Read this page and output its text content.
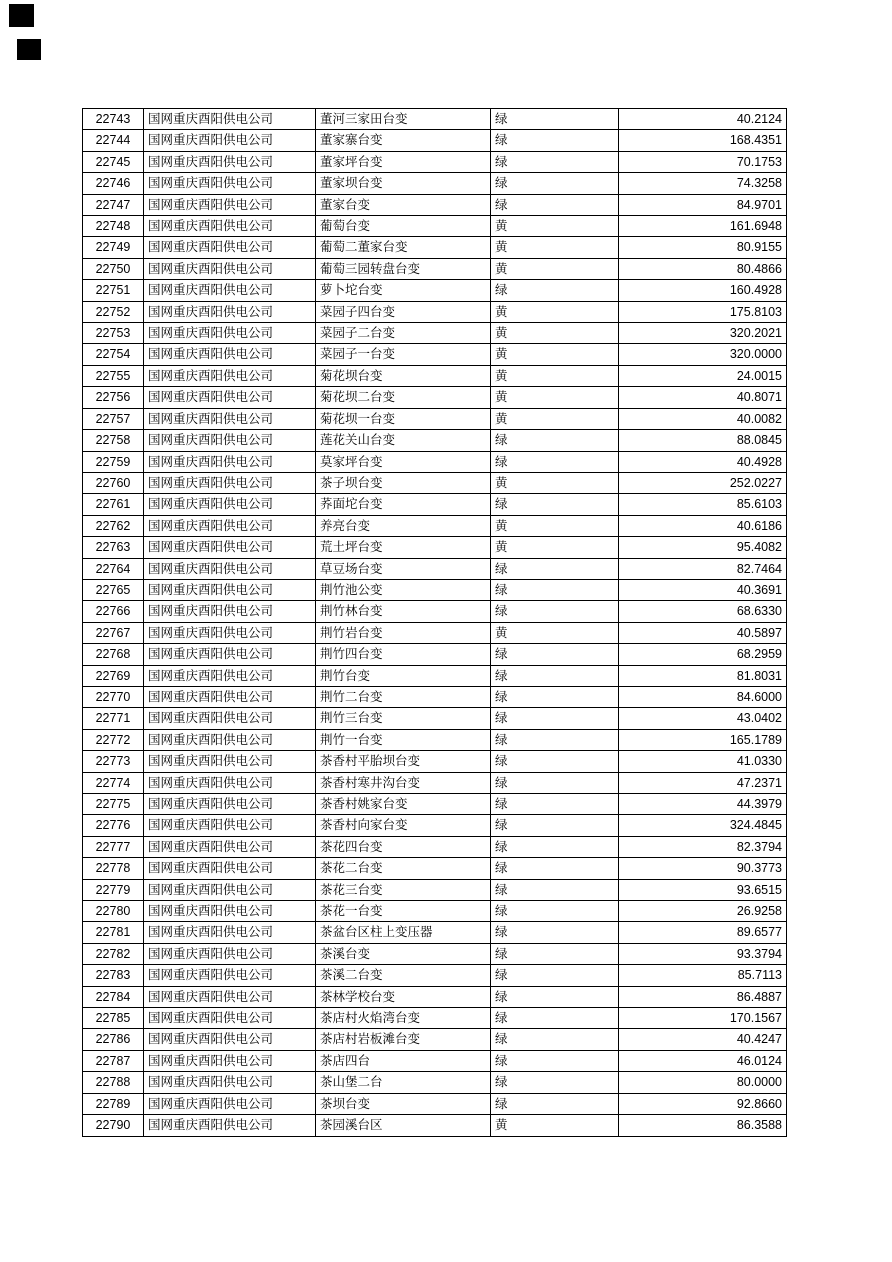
22743	国网重庆酉阳供电公司	董河三家田台变	绿	40.2124
22744	国网重庆酉阳供电公司	董家寨台变	绿	168.4351
22745	国网重庆酉阳供电公司	董家坪台变	绿	70.1753
22746	国网重庆酉阳供电公司	董家坝台变	绿	74.3258
22747	国网重庆酉阳供电公司	董家台变	绿	84.9701
22748	国网重庆酉阳供电公司	葡萄台变	黄	161.6948
22749	国网重庆酉阳供电公司	葡萄二董家台变	黄	80.9155
22750	国网重庆酉阳供电公司	葡萄三园转盘台变	黄	80.4866
22751	国网重庆酉阳供电公司	萝卜坨台变	绿	160.4928
22752	国网重庆酉阳供电公司	菜园子四台变	黄	175.8103
22753	国网重庆酉阳供电公司	菜园子二台变	黄	320.2021
22754	国网重庆酉阳供电公司	菜园子一台变	黄	320.0000
22755	国网重庆酉阳供电公司	菊花坝台变	黄	24.0015
22756	国网重庆酉阳供电公司	菊花坝二台变	黄	40.8071
22757	国网重庆酉阳供电公司	菊花坝一台变	黄	40.0082
22758	国网重庆酉阳供电公司	莲花关山台变	绿	88.0845
22759	国网重庆酉阳供电公司	莫家坪台变	绿	40.4928
22760	国网重庆酉阳供电公司	茶子坝台变	黄	252.0227
22761	国网重庆酉阳供电公司	荞面坨台变	绿	85.6103
22762	国网重庆酉阳供电公司	养亮台变	黄	40.6186
22763	国网重庆酉阳供电公司	荒土坪台变	黄	95.4082
22764	国网重庆酉阳供电公司	草豆场台变	绿	82.7464
22765	国网重庆酉阳供电公司	荆竹池公变	绿	40.3691
22766	国网重庆酉阳供电公司	荆竹林台变	绿	68.6330
22767	国网重庆酉阳供电公司	荆竹岩台变	黄	40.5897
22768	国网重庆酉阳供电公司	荆竹四台变	绿	68.2959
22769	国网重庆酉阳供电公司	荆竹台变	绿	81.8031
22770	国网重庆酉阳供电公司	荆竹二台变	绿	84.6000
22771	国网重庆酉阳供电公司	荆竹三台变	绿	43.0402
22772	国网重庆酉阳供电公司	荆竹一台变	绿	165.1789
22773	国网重庆酉阳供电公司	茶香村平胎坝台变	绿	41.0330
22774	国网重庆酉阳供电公司	茶香村寒井沟台变	绿	47.2371
22775	国网重庆酉阳供电公司	茶香村姚家台变	绿	44.3979
22776	国网重庆酉阳供电公司	茶香村向家台变	绿	324.4845
22777	国网重庆酉阳供电公司	茶花四台变	绿	82.3794
22778	国网重庆酉阳供电公司	茶花二台变	绿	90.3773
22779	国网重庆酉阳供电公司	茶花三台变	绿	93.6515
22780	国网重庆酉阳供电公司	茶花一台变	绿	26.9258
22781	国网重庆酉阳供电公司	茶盆台区柱上变压器	绿	89.6577
22782	国网重庆酉阳供电公司	茶溪台变	绿	93.3794
22783	国网重庆酉阳供电公司	茶溪二台变	绿	85.7113
22784	国网重庆酉阳供电公司	茶林学校台变	绿	86.4887
22785	国网重庆酉阳供电公司	茶店村火焰湾台变	绿	170.1567
22786	国网重庆酉阳供电公司	茶店村岩板滩台变	绿	40.4247
22787	国网重庆酉阳供电公司	茶店四台	绿	46.0124
22788	国网重庆酉阳供电公司	茶山堡二台	绿	80.0000
22789	国网重庆酉阳供电公司	茶坝台变	绿	92.8660
22790	国网重庆酉阳供电公司	茶园溪台区	黄	86.3588
